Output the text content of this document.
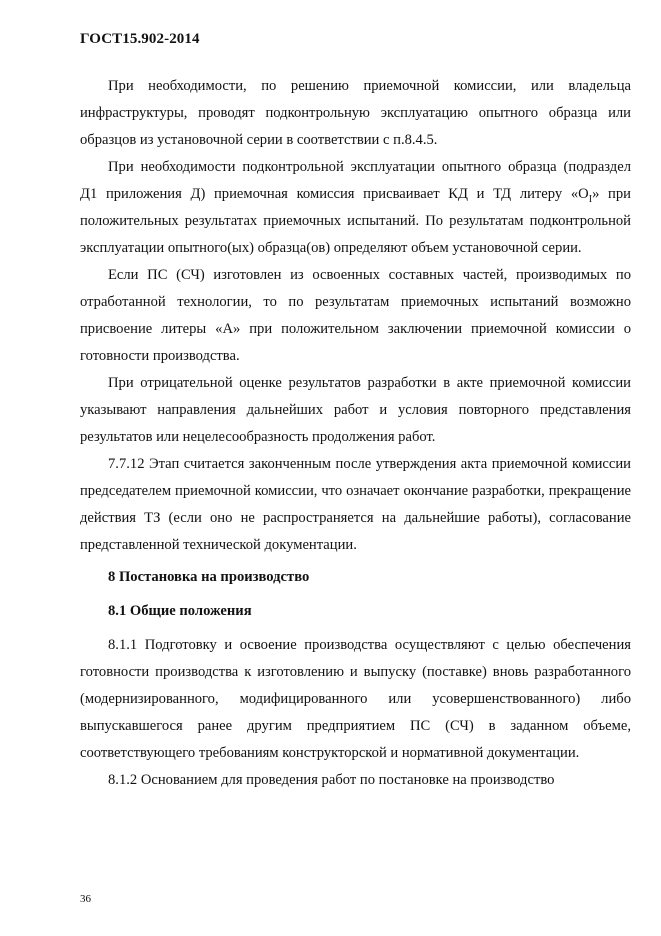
ГОСТ15.902-2014

При необходимости, по решению приемочной комиссии, или владельца инфраструктуры, проводят подконтрольную эксплуатацию опытного образца или образцов из установочной серии в соответствии с п.8.4.5.

При необходимости подконтрольной эксплуатации опытного образца (подраздел Д1 приложения Д) приемочная комиссия присваивает КД и ТД литеру «$О_I$» при положительных результатах приемочных испытаний. По результатам подконтрольной эксплуатации опытного(ых) образца(ов) определяют объем установочной серии.

Если ПС (СЧ) изготовлен из освоенных составных частей, производимых по отработанной технологии, то по результатам приемочных испытаний возможно присвоение литеры «А» при положительном заключении приемочной комиссии о готовности производства.

При отрицательной оценке результатов разработки в акте приемочной комиссии указывают направления дальнейших работ и условия повторного представления результатов или нецелесообразность продолжения работ.

7.7.12 Этап считается законченным после утверждения акта приемочной комиссии председателем приемочной комиссии, что означает окончание разработки, прекращение действия ТЗ (если оно не распространяется на дальнейшие работы), согласование представленной технической документации.

8 Постановка на производство

8.1 Общие положения

8.1.1 Подготовку и освоение производства осуществляют с целью обеспечения готовности производства к изготовлению и выпуску (поставке) вновь разработанного (модернизированного, модифицированного или усовершенствованного) либо выпускавшегося ранее другим предприятием ПС (СЧ) в заданном объеме, соответствующего требованиям конструкторской и нормативной документации.

8.1.2 Основанием для проведения работ по постановке на производство

36
